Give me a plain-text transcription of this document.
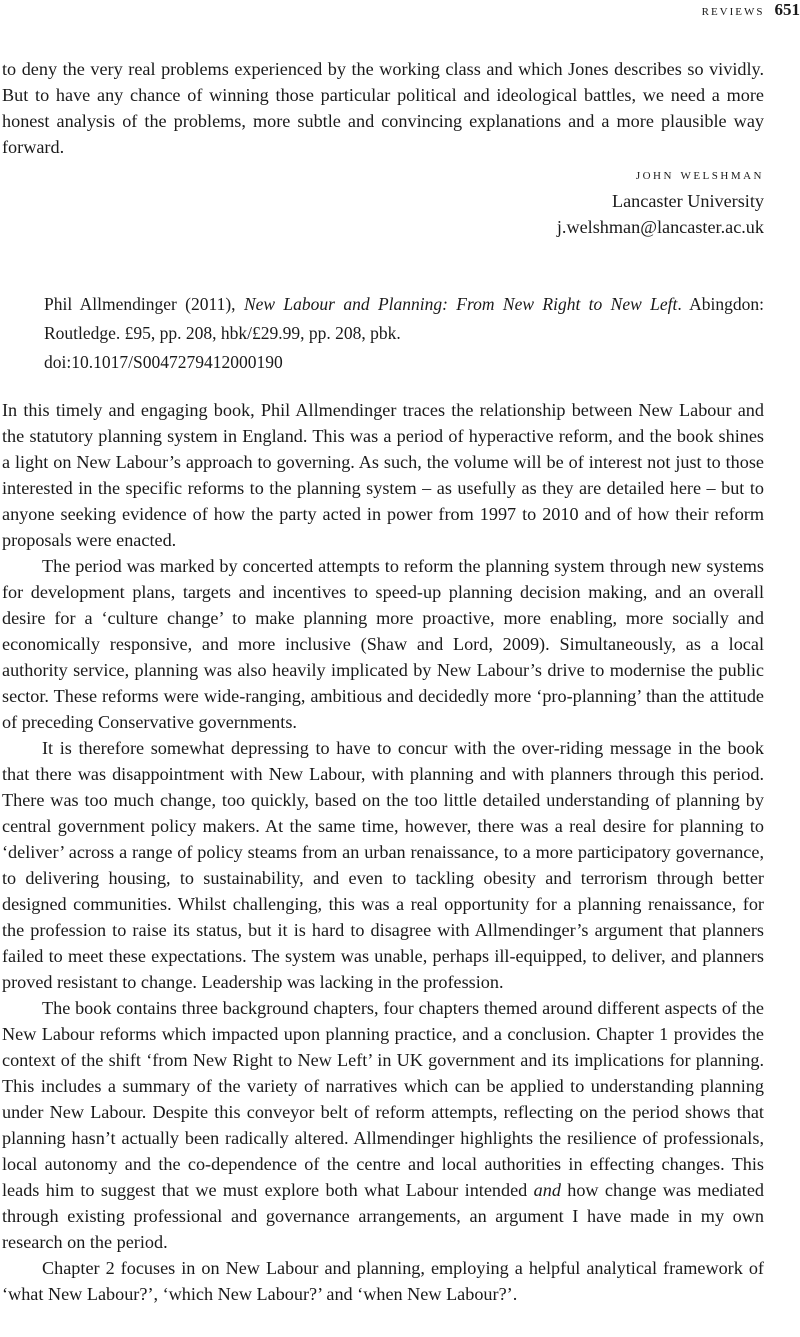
reviews 651

to deny the very real problems experienced by the working class and which Jones describes so vividly. But to have any chance of winning those particular political and ideological battles, we need a more honest analysis of the problems, more subtle and convincing explanations and a more plausible way forward.

john welshman
Lancaster University
j.welshman@lancaster.ac.uk
Phil Allmendinger (2011), New Labour and Planning: From New Right to New Left. Abingdon: Routledge. £95, pp. 208, hbk/£29.99, pp. 208, pbk.
doi:10.1017/S0047279412000190

In this timely and engaging book, Phil Allmendinger traces the relationship between New Labour and the statutory planning system in England. This was a period of hyperactive reform, and the book shines a light on New Labour’s approach to governing. As such, the volume will be of interest not just to those interested in the specific reforms to the planning system – as usefully as they are detailed here – but to anyone seeking evidence of how the party acted in power from 1997 to 2010 and of how their reform proposals were enacted.

The period was marked by concerted attempts to reform the planning system through new systems for development plans, targets and incentives to speed-up planning decision making, and an overall desire for a ‘culture change’ to make planning more proactive, more enabling, more socially and economically responsive, and more inclusive (Shaw and Lord, 2009). Simultaneously, as a local authority service, planning was also heavily implicated by New Labour’s drive to modernise the public sector. These reforms were wide-ranging, ambitious and decidedly more ‘pro-planning’ than the attitude of preceding Conservative governments.

It is therefore somewhat depressing to have to concur with the over-riding message in the book that there was disappointment with New Labour, with planning and with planners through this period. There was too much change, too quickly, based on the too little detailed understanding of planning by central government policy makers. At the same time, however, there was a real desire for planning to ‘deliver’ across a range of policy steams from an urban renaissance, to a more participatory governance, to delivering housing, to sustainability, and even to tackling obesity and terrorism through better designed communities. Whilst challenging, this was a real opportunity for a planning renaissance, for the profession to raise its status, but it is hard to disagree with Allmendinger’s argument that planners failed to meet these expectations. The system was unable, perhaps ill-equipped, to deliver, and planners proved resistant to change. Leadership was lacking in the profession.

The book contains three background chapters, four chapters themed around different aspects of the New Labour reforms which impacted upon planning practice, and a conclusion. Chapter 1 provides the context of the shift ‘from New Right to New Left’ in UK government and its implications for planning. This includes a summary of the variety of narratives which can be applied to understanding planning under New Labour. Despite this conveyor belt of reform attempts, reflecting on the period shows that planning hasn’t actually been radically altered. Allmendinger highlights the resilience of professionals, local autonomy and the co-dependence of the centre and local authorities in effecting changes. This leads him to suggest that we must explore both what Labour intended and how change was mediated through existing professional and governance arrangements, an argument I have made in my own research on the period.

Chapter 2 focuses in on New Labour and planning, employing a helpful analytical framework of ‘what New Labour?’, ‘which New Labour?’ and ‘when New Labour?’.
